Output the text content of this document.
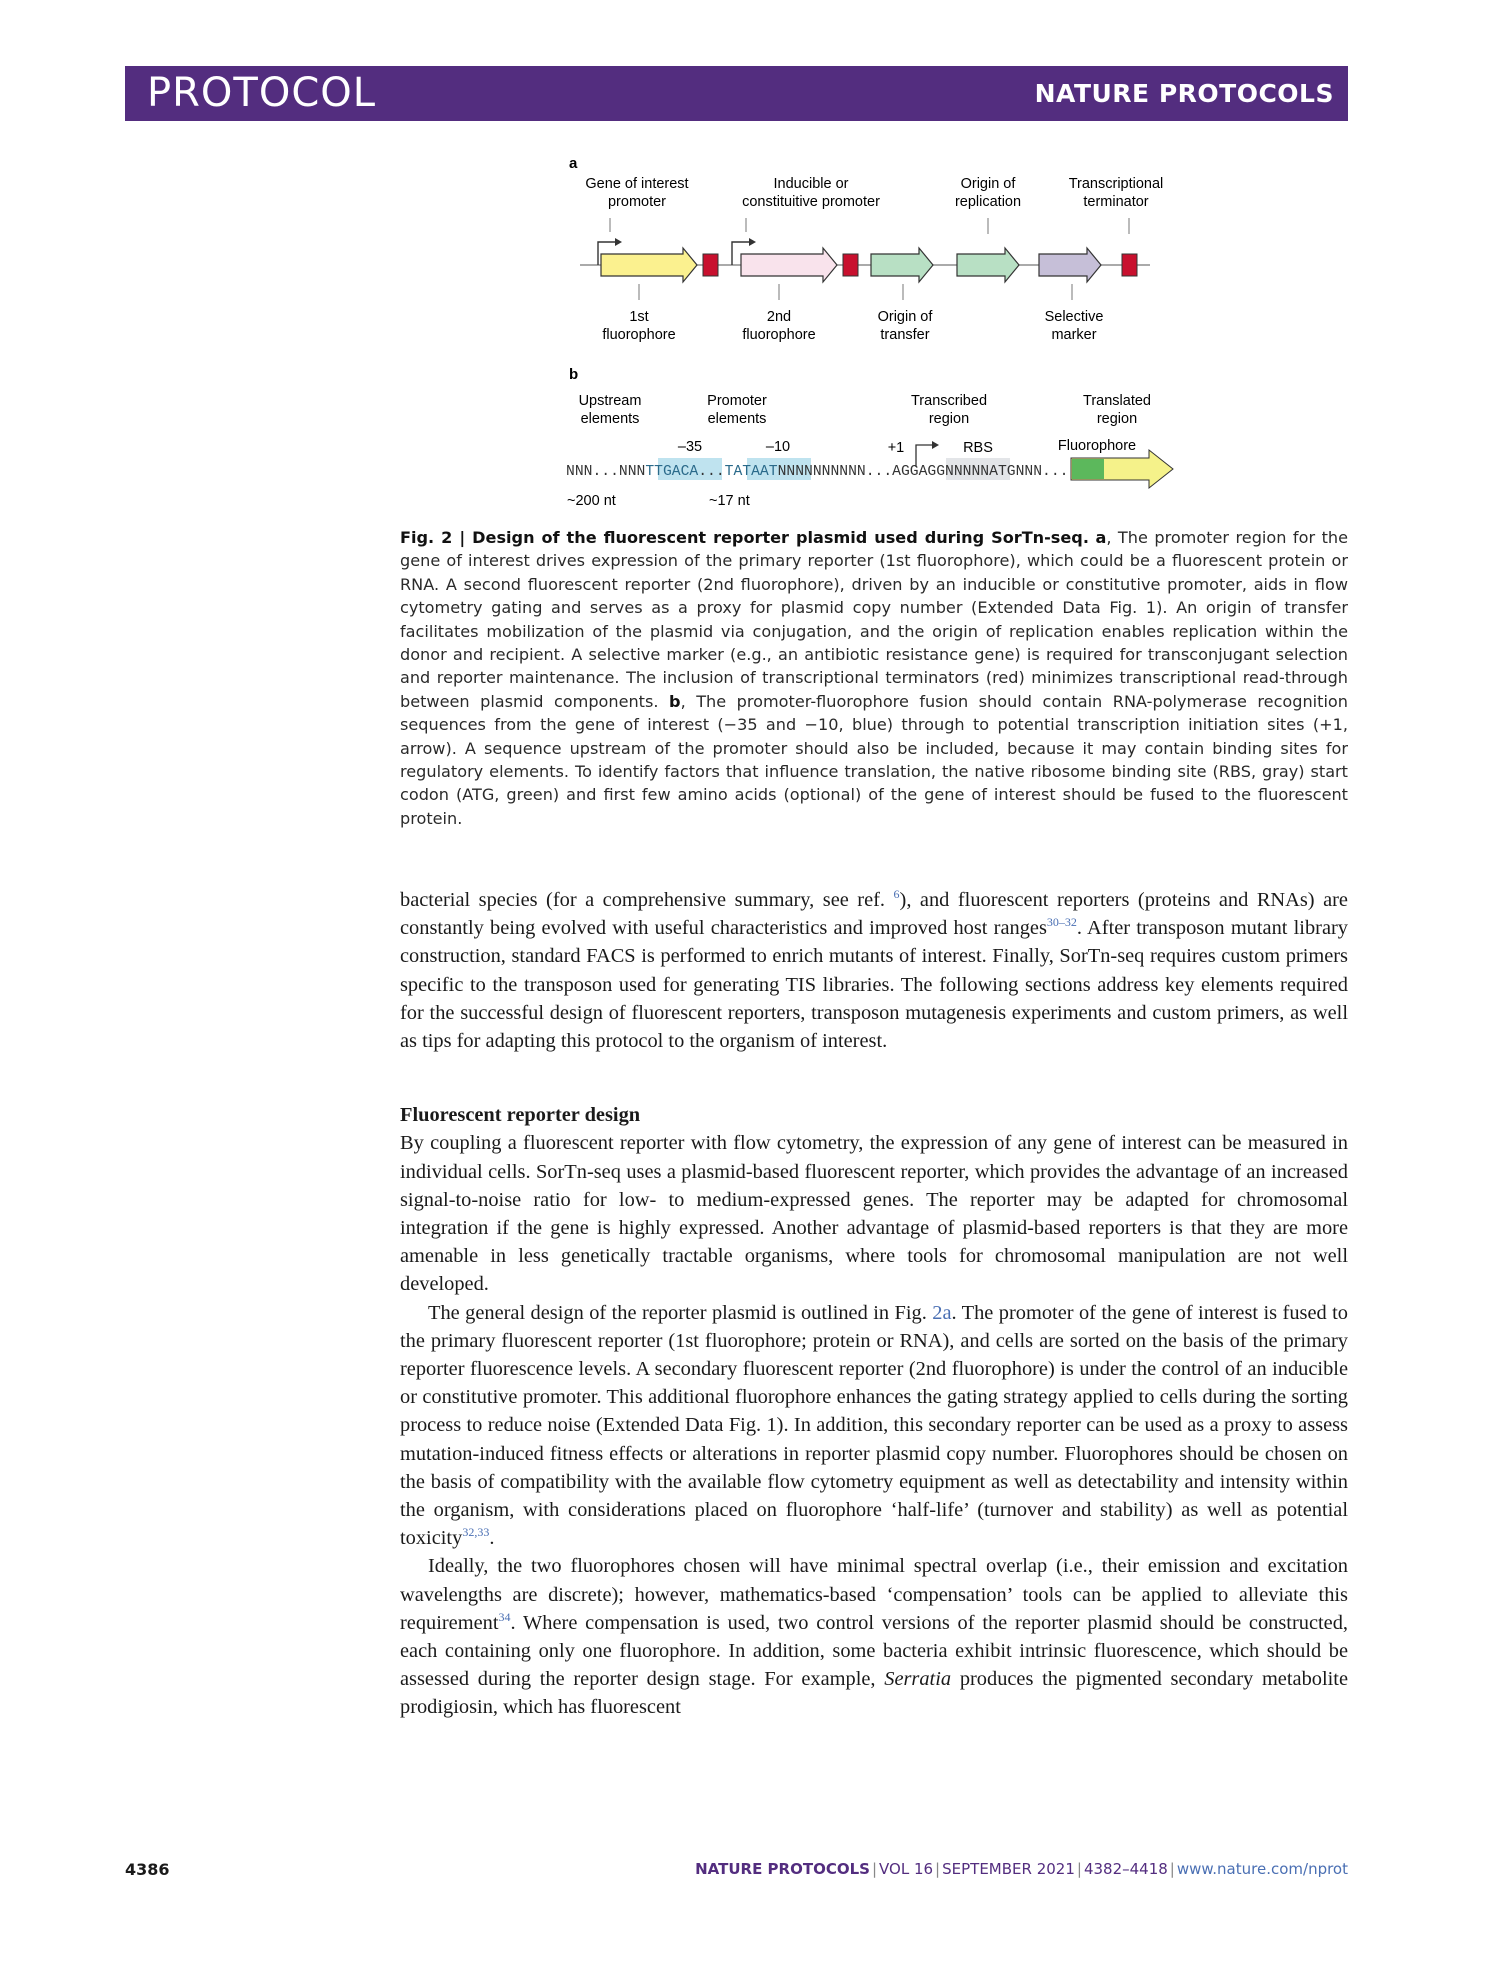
PROTOCOL	NATURE PROTOCOLS
a
Gene of interest
promoter
Inducible or
constituitive promoter
Origin of
replication
Transcriptional
terminator
1st
fluorophore
2nd
fluorophore
Origin of
transfer
Selective
marker
b
Upstream
elements
Promoter
elements
Transcribed
region
Translated
region
–35	–10	+1	RBS	Fluorophore
NNN...NNNTTGACA...TATAATNNNNNNNNNN...AGGAGGNNNNNATGNNN...
~200 nt	~17 nt

Fig. 2 | Design of the fluorescent reporter plasmid used during SorTn-seq. a, The promoter region for the gene of interest drives expression of the primary reporter (1st fluorophore), which could be a fluorescent protein or RNA. A second fluorescent reporter (2nd fluorophore), driven by an inducible or constitutive promoter, aids in flow cytometry gating and serves as a proxy for plasmid copy number (Extended Data Fig. 1). An origin of transfer facilitates mobilization of the plasmid via conjugation, and the origin of replication enables replication within the donor and recipient. A selective marker (e.g., an antibiotic resistance gene) is required for transconjugant selection and reporter maintenance. The inclusion of transcriptional terminators (red) minimizes transcriptional read-through between plasmid components. b, The promoter-fluorophore fusion should contain RNA-polymerase recognition sequences from the gene of interest (−35 and −10, blue) through to potential transcription initiation sites (+1, arrow). A sequence upstream of the promoter should also be included, because it may contain binding sites for regulatory elements. To identify factors that influence translation, the native ribosome binding site (RBS, gray) start codon (ATG, green) and first few amino acids (optional) of the gene of interest should be fused to the fluorescent protein.

bacterial species (for a comprehensive summary, see ref. $^6$), and fluorescent reporters (proteins and RNAs) are constantly being evolved with useful characteristics and improved host ranges$^{30-32}$. After transposon mutant library construction, standard FACS is performed to enrich mutants of interest. Finally, SorTn-seq requires custom primers specific to the transposon used for generating TIS libraries. The following sections address key elements required for the successful design of fluorescent reporters, transposon mutagenesis experiments and custom primers, as well as tips for adapting this protocol to the organism of interest.

Fluorescent reporter design

By coupling a fluorescent reporter with flow cytometry, the expression of any gene of interest can be measured in individual cells. SorTn-seq uses a plasmid-based fluorescent reporter, which provides the advantage of an increased signal-to-noise ratio for low- to medium-expressed genes. The reporter may be adapted for chromosomal integration if the gene is highly expressed. Another advantage of plasmid-based reporters is that they are more amenable in less genetically tractable organisms, where tools for chromosomal manipulation are not well developed.

The general design of the reporter plasmid is outlined in Fig. 2a. The promoter of the gene of interest is fused to the primary fluorescent reporter (1st fluorophore; protein or RNA), and cells are sorted on the basis of the primary reporter fluorescence levels. A secondary fluorescent reporter (2nd fluorophore) is under the control of an inducible or constitutive promoter. This additional fluorophore enhances the gating strategy applied to cells during the sorting process to reduce noise (Extended Data Fig. 1). In addition, this secondary reporter can be used as a proxy to assess mutation-induced fitness effects or alterations in reporter plasmid copy number. Fluorophores should be chosen on the basis of compatibility with the available flow cytometry equipment as well as detectability and intensity within the organism, with considerations placed on fluorophore ‘half-life’ (turnover and stability) as well as potential toxicity$^{32,33}$.

Ideally, the two fluorophores chosen will have minimal spectral overlap (i.e., their emission and excitation wavelengths are discrete); however, mathematics-based ‘compensation’ tools can be applied to alleviate this requirement$^{34}$. Where compensation is used, two control versions of the reporter plasmid should be constructed, each containing only one fluorophore. In addition, some bacteria exhibit intrinsic fluorescence, which should be assessed during the reporter design stage. For example, Serratia produces the pigmented secondary metabolite prodigiosin, which has fluorescent

4386	NATURE PROTOCOLS | VOL 16 | SEPTEMBER 2021 | 4382–4418 | www.nature.com/nprot
